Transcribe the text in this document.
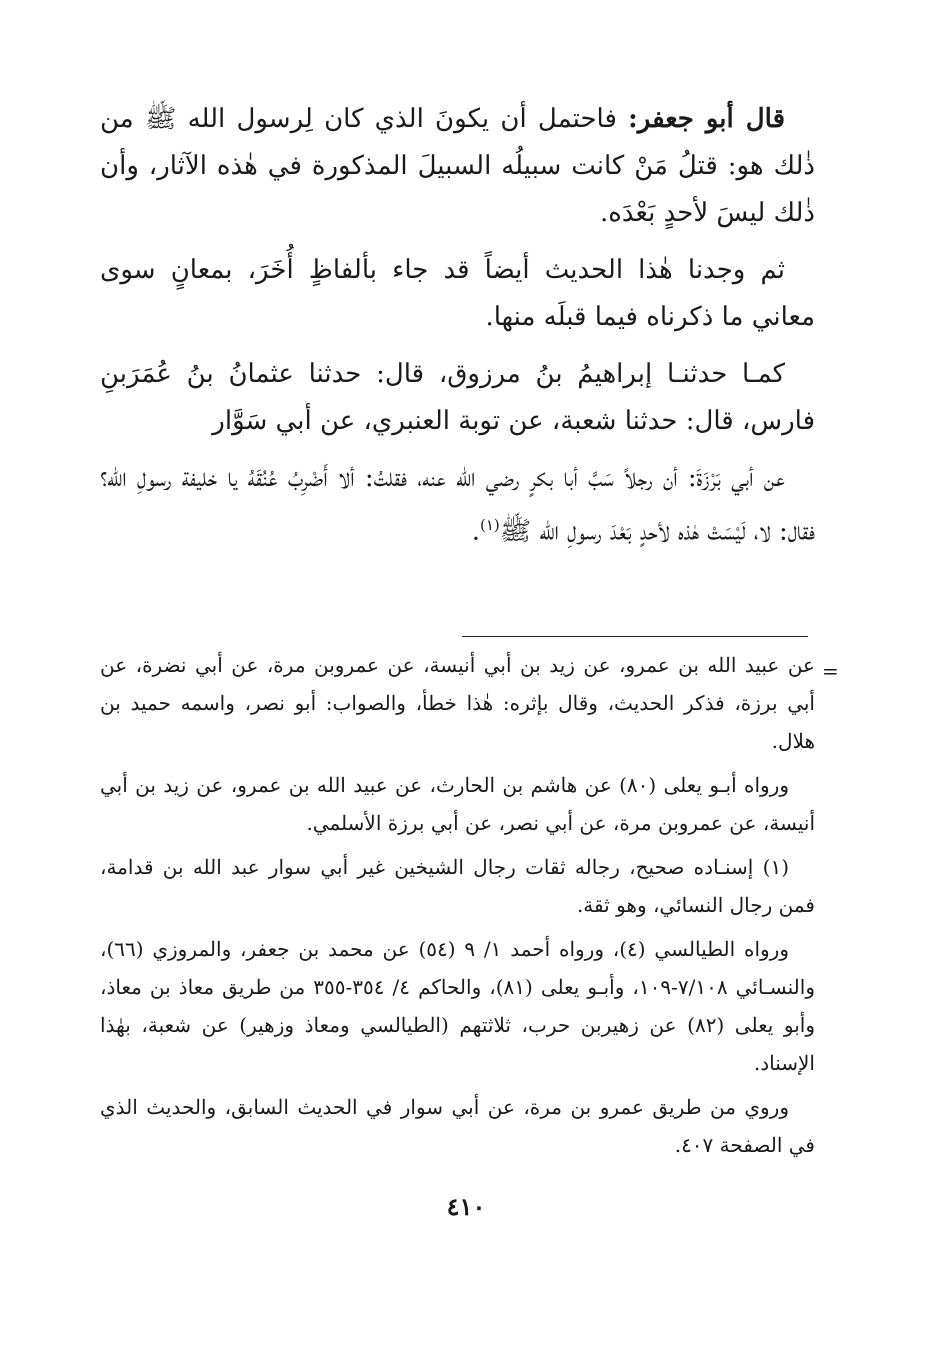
قال أبو جعفر: فاحتمل أن يكونَ الذي كان لِرسول الله ﷺ من ذٰلك هو: قتلُ مَنْ كانت سبيلُه السبيلَ المذكورة في هٰذه الآثار، وأن ذٰلك ليسَ لأحدٍ بَعْدَه.

ثم وجدنا هٰذا الحديث أيضاً قد جاء بألفاظٍ أُخَرَ، بمعانٍ سوى معاني ما ذكرناه فيما قبلَه منها.

كمـا حدثنـا إبراهيمُ بنُ مرزوق، قال: حدثنا عثمانُ بنُ عُمَرَبنِ فارس، قال: حدثنا شعبة، عن توبة العنبري، عن أبي سَوَّار

عن أبي بَرْزَةَ: أن رجلاً سَبَّ أبا بكرٍ رضي الله عنه، فقلتُ: ألا أَضْرِبُ عُنُقَهُ يا خليفة رسولِ الله؟ فقال: لا، لَيْسَتْ هٰذه لأحدٍ بَعْدَ رسولِ الله ﷺ$^{(١)}$.

=

عن عبيد الله بن عمرو، عن زيد بن أبي أنيسة، عن عمروبن مرة، عن أبي نضرة، عن أبي برزة، فذكر الحديث، وقال بإثره: هٰذا خطأ، والصواب: أبو نصر، واسمه حميد بن هلال.

ورواه أبـو يعلى (٨٠) عن هاشم بن الحارث، عن عبيد الله بن عمرو، عن زيد بن أبي أنيسة، عن عمروبن مرة، عن أبي نصر، عن أبي برزة الأسلمي.

(١) إسنـاده صحيح، رجاله ثقات رجال الشيخين غير أبي سوار عبد الله بن قدامة، فمن رجال النسائي، وهو ثقة.

ورواه الطيالسي (٤)، ورواه أحمد ١/ ٩ (٥٤) عن محمد بن جعفر، والمروزي (٦٦)، والنسـائي ٧/١٠٨-١٠٩، وأبـو يعلى (٨١)، والحاكم ٤/ ٣٥٤-٣٥٥ من طريق معاذ بن معاذ، وأبو يعلى (٨٢) عن زهيربن حرب، ثلاثتهم (الطيالسي ومعاذ وزهير) عن شعبة، بهٰذا الإسناد.

وروي من طريق عمرو بن مرة، عن أبي سوار في الحديث السابق، والحديث الذي في الصفحة ٤٠٧.

٤١٠
